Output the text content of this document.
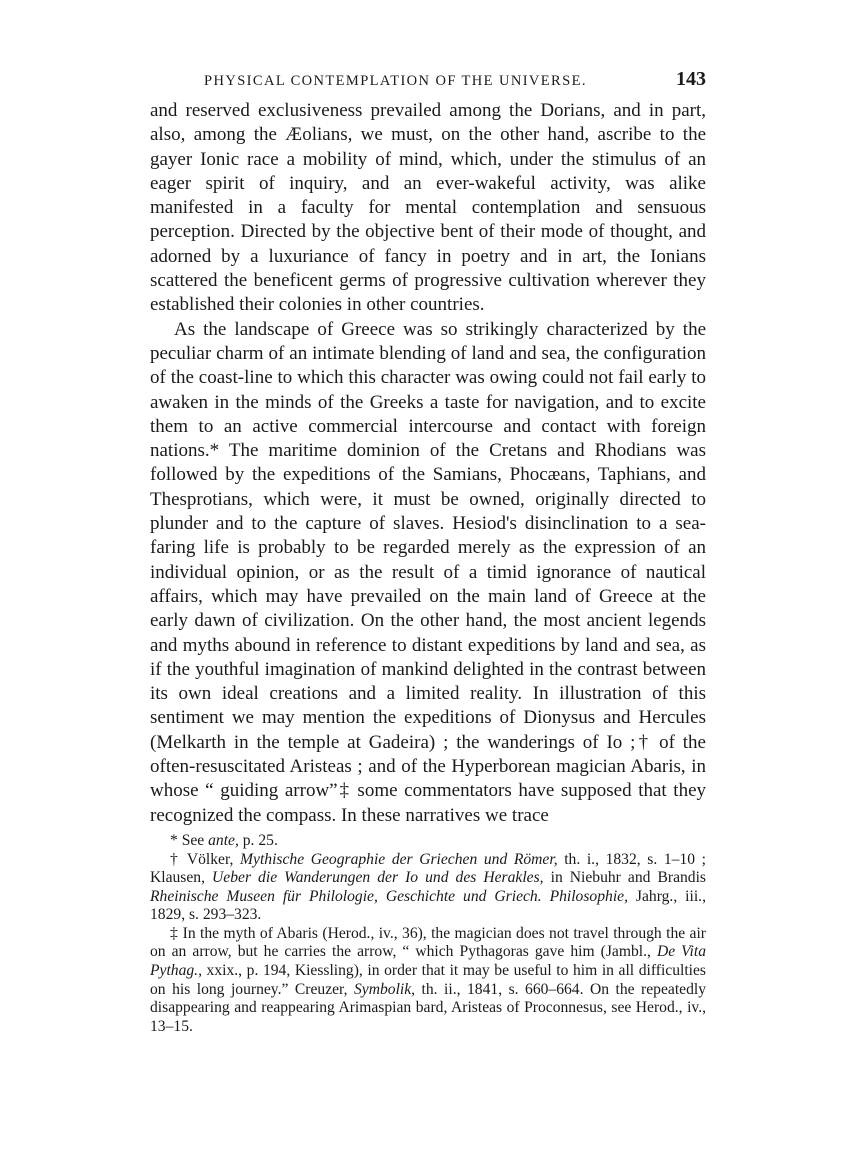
PHYSICAL CONTEMPLATION OF THE UNIVERSE.	143

and reserved exclusiveness prevailed among the Dorians, and in part, also, among the Æolians, we must, on the other hand, ascribe to the gayer Ionic race a mobility of mind, which, under the stimulus of an eager spirit of inquiry, and an ever-wakeful activity, was alike manifested in a faculty for mental contemplation and sensuous perception. Directed by the objective bent of their mode of thought, and adorned by a luxuriance of fancy in poetry and in art, the Ionians scattered the beneficent germs of progressive cultivation wherever they established their colonies in other countries.

As the landscape of Greece was so strikingly characterized by the peculiar charm of an intimate blending of land and sea, the configuration of the coast-line to which this character was owing could not fail early to awaken in the minds of the Greeks a taste for navigation, and to excite them to an active commercial intercourse and contact with foreign nations.* The maritime dominion of the Cretans and Rhodians was followed by the expeditions of the Samians, Phocæans, Taphians, and Thesprotians, which were, it must be owned, originally directed to plunder and to the capture of slaves. Hesiod's disinclination to a sea-faring life is probably to be regarded merely as the expression of an individual opinion, or as the result of a timid ignorance of nautical affairs, which may have prevailed on the main land of Greece at the early dawn of civilization. On the other hand, the most ancient legends and myths abound in reference to distant expeditions by land and sea, as if the youthful imagination of mankind delighted in the contrast between its own ideal creations and a limited reality. In illustration of this sentiment we may mention the expeditions of Dionysus and Hercules (Melkarth in the temple at Gadeira) ; the wanderings of Io ;† of the often-resuscitated Aristeas ; and of the Hyperborean magician Abaris, in whose “ guiding arrow”‡ some commentators have supposed that they recognized the compass. In these narratives we trace

* See ante, p. 25.

† Völker, Mythische Geographie der Griechen und Römer, th. i., 1832, s. 1–10 ; Klausen, Ueber die Wanderungen der Io und des Herakles, in Niebuhr and Brandis Rheinische Museen für Philologie, Geschichte und Griech. Philosophie, Jahrg., iii., 1829, s. 293–323.

‡ In the myth of Abaris (Herod., iv., 36), the magician does not travel through the air on an arrow, but he carries the arrow, “ which Pythagoras gave him (Jambl., De Vita Pythag., xxix., p. 194, Kiessling), in order that it may be useful to him in all difficulties on his long journey.” Creuzer, Symbolik, th. ii., 1841, s. 660–664. On the repeatedly disappearing and reappearing Arimaspian bard, Aristeas of Proconnesus, see Herod., iv., 13–15.
